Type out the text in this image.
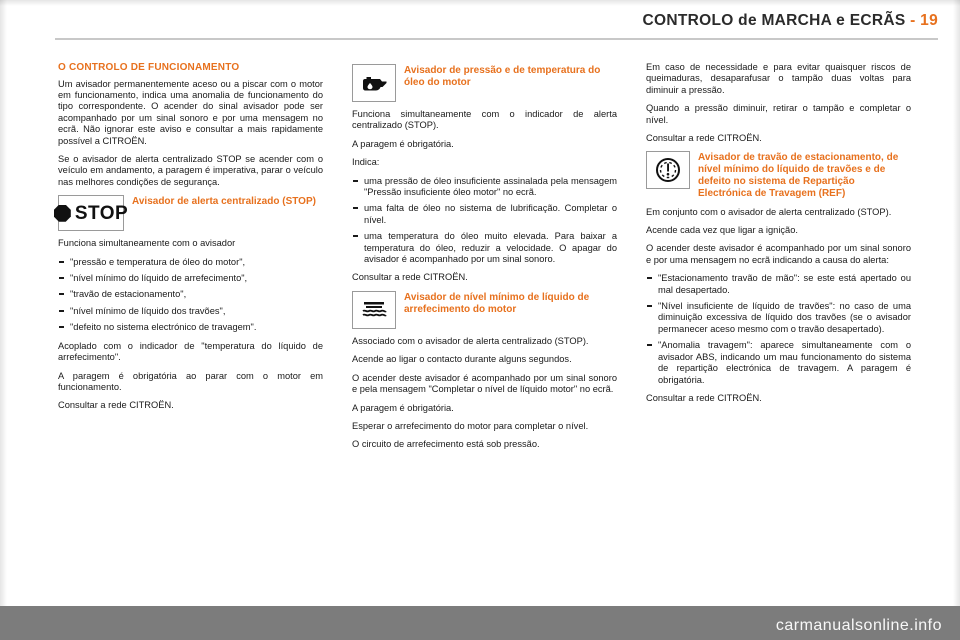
CONTROLO de MARCHA e ECRÃS - 19
O CONTROLO DE FUNCIONAMENTO

Um avisador permanentemente aceso ou a piscar com o motor em funcionamento, indica uma anomalia de funcionamento do tipo correspondente. O acender do sinal avisador pode ser acompanhado por um sinal sonoro e por uma mensagem no ecrã. Não ignorar este aviso e consultar a mais rapidamente possível a CITROËN.

Se o avisador de alerta centralizado STOP se acender com o veículo em andamento, a paragem é imperativa, parar o veículo nas melhores condições de segurança.

STOP
Avisador de alerta centralizado (STOP)

Funciona simultaneamente com o avisador

"pressão e temperatura de óleo do motor",
"nível mínimo do líquido de arrefecimento",
"travão de estacionamento",
"nível mínimo de líquido dos travões",
"defeito no sistema electrónico de travagem".

Acoplado com o indicador de "temperatura do líquido de arrefecimento".

A paragem é obrigatória ao parar com o motor em funcionamento.

Consultar a rede CITROËN.

Avisador de pressão e de temperatura do óleo do motor

Funciona simultaneamente com o indicador de alerta centralizado (STOP).

A paragem é obrigatória.

Indica:

uma pressão de óleo insuficiente assinalada pela mensagem "Pressão insuficiente óleo motor" no ecrã.
uma falta de óleo no sistema de lubrificação. Completar o nível.
uma temperatura do óleo muito elevada. Para baixar a temperatura do óleo, reduzir a velocidade. O apagar do avisador é acompanhado por um sinal sonoro.

Consultar a rede CITROËN.

Avisador de nível mínimo de líquido de arrefecimento do motor

Associado com o avisador de alerta centralizado (STOP).

Acende ao ligar o contacto durante alguns segundos.

O acender deste avisador é acompanhado por um sinal sonoro e pela mensagem "Completar o nível de líquido motor" no ecrã.

A paragem é obrigatória.

Esperar o arrefecimento do motor para completar o nível.

O circuito de arrefecimento está sob pressão.

Em caso de necessidade e para evitar quaisquer riscos de queimaduras, desaparafusar o tampão duas voltas para diminuir a pressão.

Quando a pressão diminuir, retirar o tampão e completar o nível.

Consultar a rede CITROËN.

Avisador de travão de estacionamento, de nível mínimo do líquido de travões e de defeito no sistema de Repartição Electrónica de Travagem (REF)

Em conjunto com o avisador de alerta centralizado (STOP).

Acende cada vez que ligar a ignição.

O acender deste avisador é acompanhado por um sinal sonoro e por uma mensagem no ecrã indicando a causa do alerta:

"Estacionamento travão de mão": se este está apertado ou mal desapertado.
"Nível insuficiente de líquido de travões": no caso de uma diminuição excessiva de líquido dos travões (se o avisador permanecer aceso mesmo com o travão desapertado).
"Anomalia travagem": aparece simultaneamente com o avisador ABS, indicando um mau funcionamento do sistema de repartição electrónica de travagem. A paragem é obrigatória.

Consultar a rede CITROËN.

carmanualsonline.info
